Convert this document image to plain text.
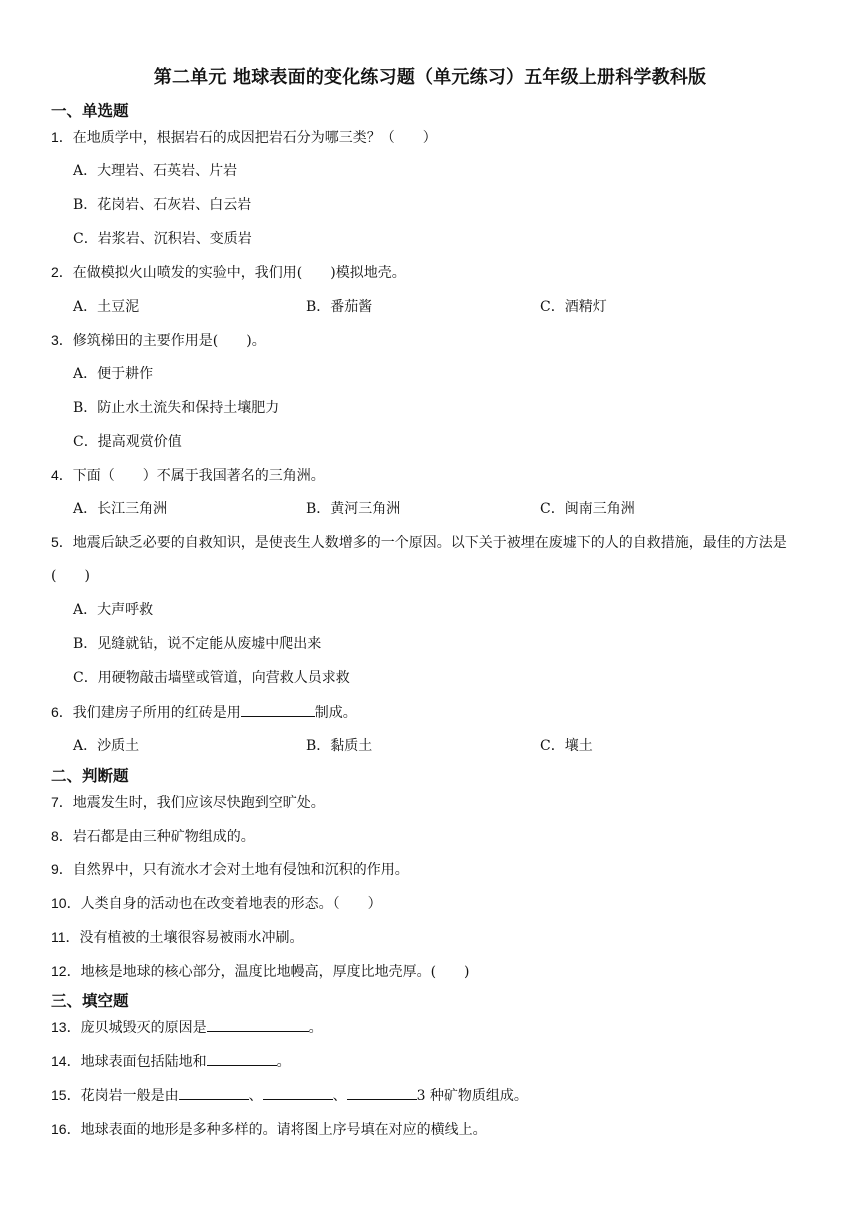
第二单元 地球表面的变化练习题（单元练习）五年级上册科学教科版
一、单选题
1．在地质学中，根据岩石的成因把岩石分为哪三类？（　　）
A．大理岩、石英岩、片岩
B．花岗岩、石灰岩、白云岩
C．岩浆岩、沉积岩、变质岩
2．在做模拟火山喷发的实验中，我们用(　　)模拟地壳。
A．土豆泥	B．番茄酱	C．酒精灯
3．修筑梯田的主要作用是(　　)。
A．便于耕作
B．防止水土流失和保持土壤肥力
C．提高观赏价值
4．下面（　　）不属于我国著名的三角洲。
A．长江三角洲	B．黄河三角洲	C．闽南三角洲
5．地震后缺乏必要的自救知识，是使丧生人数增多的一个原因。以下关于被埋在废墟下的人的自救措施，最佳的方法是(　　)
A．大声呼救
B．见缝就钻，说不定能从废墟中爬出来
C．用硬物敲击墙壁或管道，向营救人员求救
6．我们建房子所用的红砖是用	制成。
A．沙质土	B．黏质土	C．壤土
二、判断题
7．地震发生时，我们应该尽快跑到空旷处。
8．岩石都是由三种矿物组成的。
9．自然界中，只有流水才会对土地有侵蚀和沉积的作用。
10．人类自身的活动也在改变着地表的形态。（　　）
11．没有植被的土壤很容易被雨水冲刷。
12．地核是地球的核心部分，温度比地幔高，厚度比地壳厚。(　　)
三、填空题
13．庞贝城毁灭的原因是	。
14．地球表面包括陆地和	。
15．花岗岩一般是由	、	、	3 种矿物质组成。
16．地球表面的地形是多种多样的。请将图上序号填在对应的横线上。
